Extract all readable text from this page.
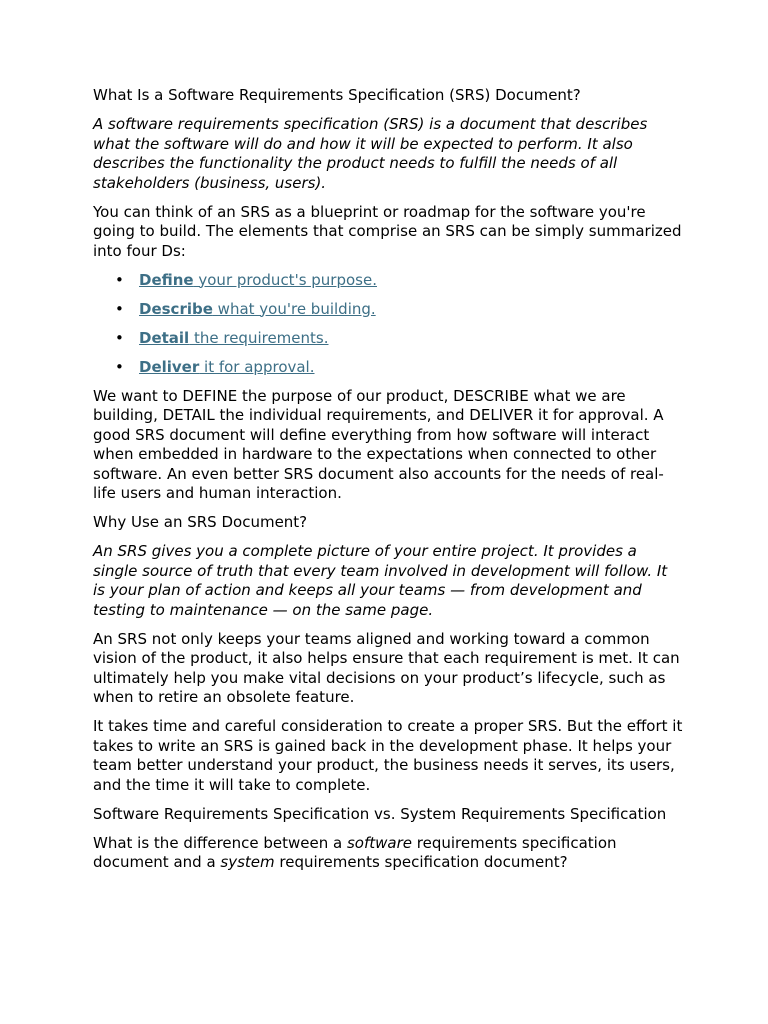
What Is a Software Requirements Specification (SRS) Document?

A software requirements specification (SRS) is a document that describes what the software will do and how it will be expected to perform. It also describes the functionality the product needs to fulfill the needs of all stakeholders (business, users).

You can think of an SRS as a blueprint or roadmap for the software you're going to build. The elements that comprise an SRS can be simply summarized into four Ds:

• Define your product's purpose.
• Describe what you're building.
• Detail the requirements.
• Deliver it for approval.

We want to DEFINE the purpose of our product, DESCRIBE what we are building, DETAIL the individual requirements, and DELIVER it for approval. A good SRS document will define everything from how software will interact when embedded in hardware to the expectations when connected to other software. An even better SRS document also accounts for the needs of real-life users and human interaction.

Why Use an SRS Document?

An SRS gives you a complete picture of your entire project. It provides a single source of truth that every team involved in development will follow. It is your plan of action and keeps all your teams — from development and testing to maintenance — on the same page.

An SRS not only keeps your teams aligned and working toward a common vision of the product, it also helps ensure that each requirement is met. It can ultimately help you make vital decisions on your product’s lifecycle, such as when to retire an obsolete feature.

It takes time and careful consideration to create a proper SRS. But the effort it takes to write an SRS is gained back in the development phase. It helps your team better understand your product, the business needs it serves, its users, and the time it will take to complete.

Software Requirements Specification vs. System Requirements Specification

What is the difference between a software requirements specification document and a system requirements specification document?
